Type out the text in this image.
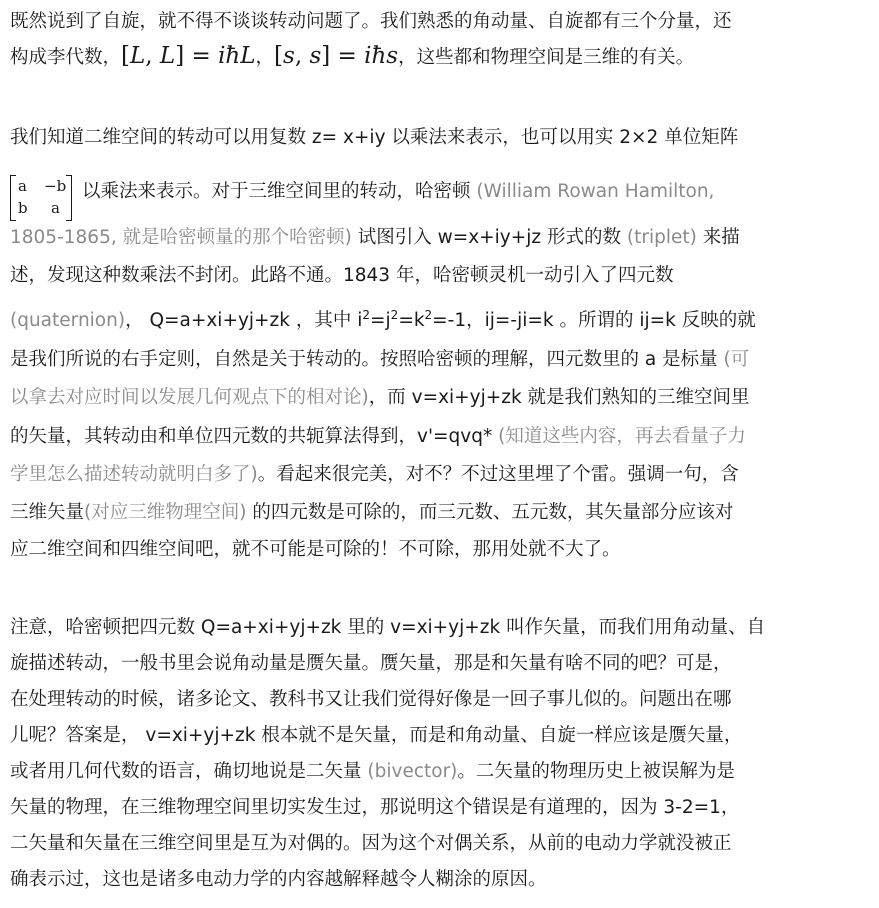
既然说到了自旋，就不得不谈谈转动问题了。我们熟悉的角动量、自旋都有三个分量，还

构成李代数，[L, L] = iħL，[s, s] = iħs，这些都和物理空间是三维的有关。

我们知道二维空间的转动可以用复数 z= x+iy 以乘法来表示，也可以用实 2×2 单位矩阵

a −b
b a
以乘法来表示。对于三维空间里的转动，哈密顿 (William Rowan Hamilton,

1805-1865, 就是哈密顿量的那个哈密顿) 试图引入 w=x+iy+jz 形式的数 (triplet) 来描

述，发现这种数乘法不封闭。此路不通。1843 年，哈密顿灵机一动引入了四元数

(quaternion)， Q=a+xi+yj+zk ，其中 $i^2=j^2=k^2=-1$，ij=-ji=k 。所谓的 ij=k 反映的就

是我们所说的右手定则，自然是关于转动的。按照哈密顿的理解，四元数里的 a 是标量 (可

以拿去对应时间以发展几何观点下的相对论)，而 v=xi+yj+zk 就是我们熟知的三维空间里

的矢量，其转动由和单位四元数的共轭算法得到，v'=qvq* (知道这些内容，再去看量子力

学里怎么描述转动就明白多了)。看起来很完美，对不？不过这里埋了个雷。强调一句，含

三维矢量(对应三维物理空间) 的四元数是可除的，而三元数、五元数，其矢量部分应该对

应二维空间和四维空间吧，就不可能是可除的！不可除，那用处就不大了。

注意，哈密顿把四元数 Q=a+xi+yj+zk 里的 v=xi+yj+zk 叫作矢量，而我们用角动量、自

旋描述转动，一般书里会说角动量是赝矢量。赝矢量，那是和矢量有啥不同的吧？可是，

在处理转动的时候，诸多论文、教科书又让我们觉得好像是一回子事儿似的。问题出在哪

儿呢？答案是， v=xi+yj+zk 根本就不是矢量，而是和角动量、自旋一样应该是赝矢量，

或者用几何代数的语言，确切地说是二矢量 (bivector)。二矢量的物理历史上被误解为是

矢量的物理，在三维物理空间里切实发生过，那说明这个错误是有道理的，因为 3-2=1，

二矢量和矢量在三维空间里是互为对偶的。因为这个对偶关系，从前的电动力学就没被正

确表示过，这也是诸多电动力学的内容越解释越令人糊涂的原因。
